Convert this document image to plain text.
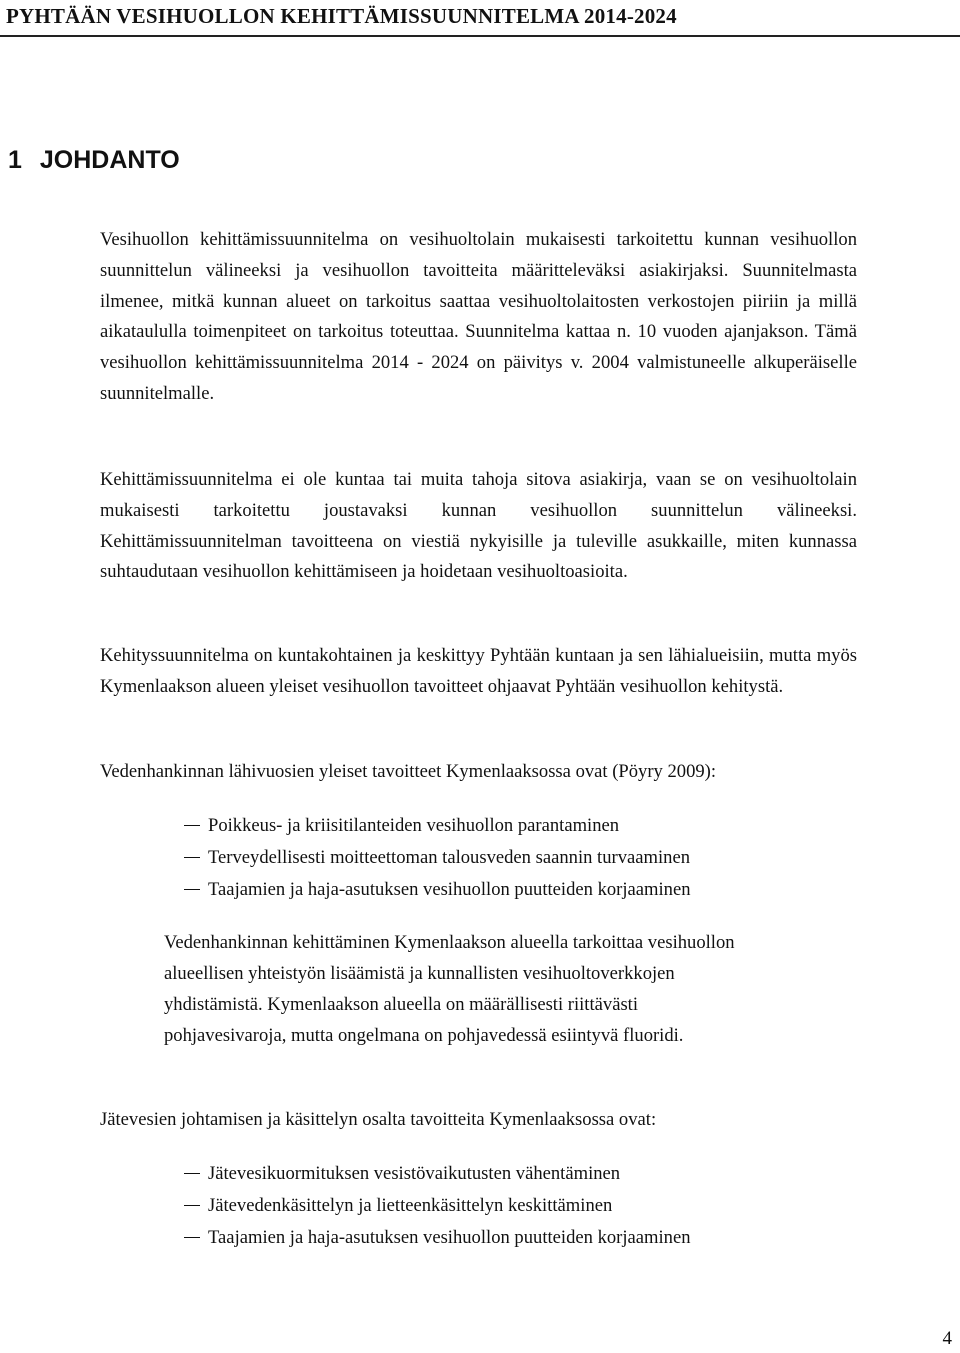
PYHTÄÄN VESIHUOLLON KEHITTÄMISSUUNNITELMA 2014-2024
1 JOHDANTO

Vesihuollon kehittämissuunnitelma on vesihuoltolain mukaisesti tarkoitettu kunnan vesihuollon suunnittelun välineeksi ja vesihuollon tavoitteita määritteleväksi asiakirjaksi. Suunnitelmasta ilmenee, mitkä kunnan alueet on tarkoitus saattaa vesihuoltolaitosten verkostojen piiriin ja millä aikataululla toimenpiteet on tarkoitus toteuttaa. Suunnitelma kattaa n. 10 vuoden ajanjakson. Tämä vesihuollon kehittämissuunnitelma 2014 - 2024 on päivitys v. 2004 valmistuneelle alkuperäiselle suunnitelmalle.

Kehittämissuunnitelma ei ole kuntaa tai muita tahoja sitova asiakirja, vaan se on vesihuoltolain mukaisesti tarkoitettu joustavaksi kunnan vesihuollon suunnittelun välineeksi. Kehittämissuunnitelman tavoitteena on viestiä nykyisille ja tuleville asukkaille, miten kunnassa suhtaudutaan vesihuollon kehittämiseen ja hoidetaan vesihuoltoasioita.

Kehityssuunnitelma on kuntakohtainen ja keskittyy Pyhtään kuntaan ja sen lähialueisiin, mutta myös Kymenlaakson alueen yleiset vesihuollon tavoitteet ohjaavat Pyhtään vesihuollon kehitystä.

Vedenhankinnan lähivuosien yleiset tavoitteet Kymenlaaksossa ovat (Pöyry 2009):

Poikkeus- ja kriisitilanteiden vesihuollon parantaminen
Terveydellisesti moitteettoman talousveden saannin turvaaminen
Taajamien ja haja-asutuksen vesihuollon puutteiden korjaaminen

Vedenhankinnan kehittäminen Kymenlaakson alueella tarkoittaa vesihuollon alueellisen yhteistyön lisäämistä ja kunnallisten vesihuoltoverkkojen yhdistämistä. Kymenlaakson alueella on määrällisesti riittävästi pohjavesivaroja, mutta ongelmana on pohjavedessä esiintyvä fluoridi.

Jätevesien johtamisen ja käsittelyn osalta tavoitteita Kymenlaaksossa ovat:

Jätevesikuormituksen vesistövaikutusten vähentäminen
Jätevedenkäsittelyn ja lietteenkäsittelyn keskittäminen
Taajamien ja haja-asutuksen vesihuollon puutteiden korjaaminen
4
